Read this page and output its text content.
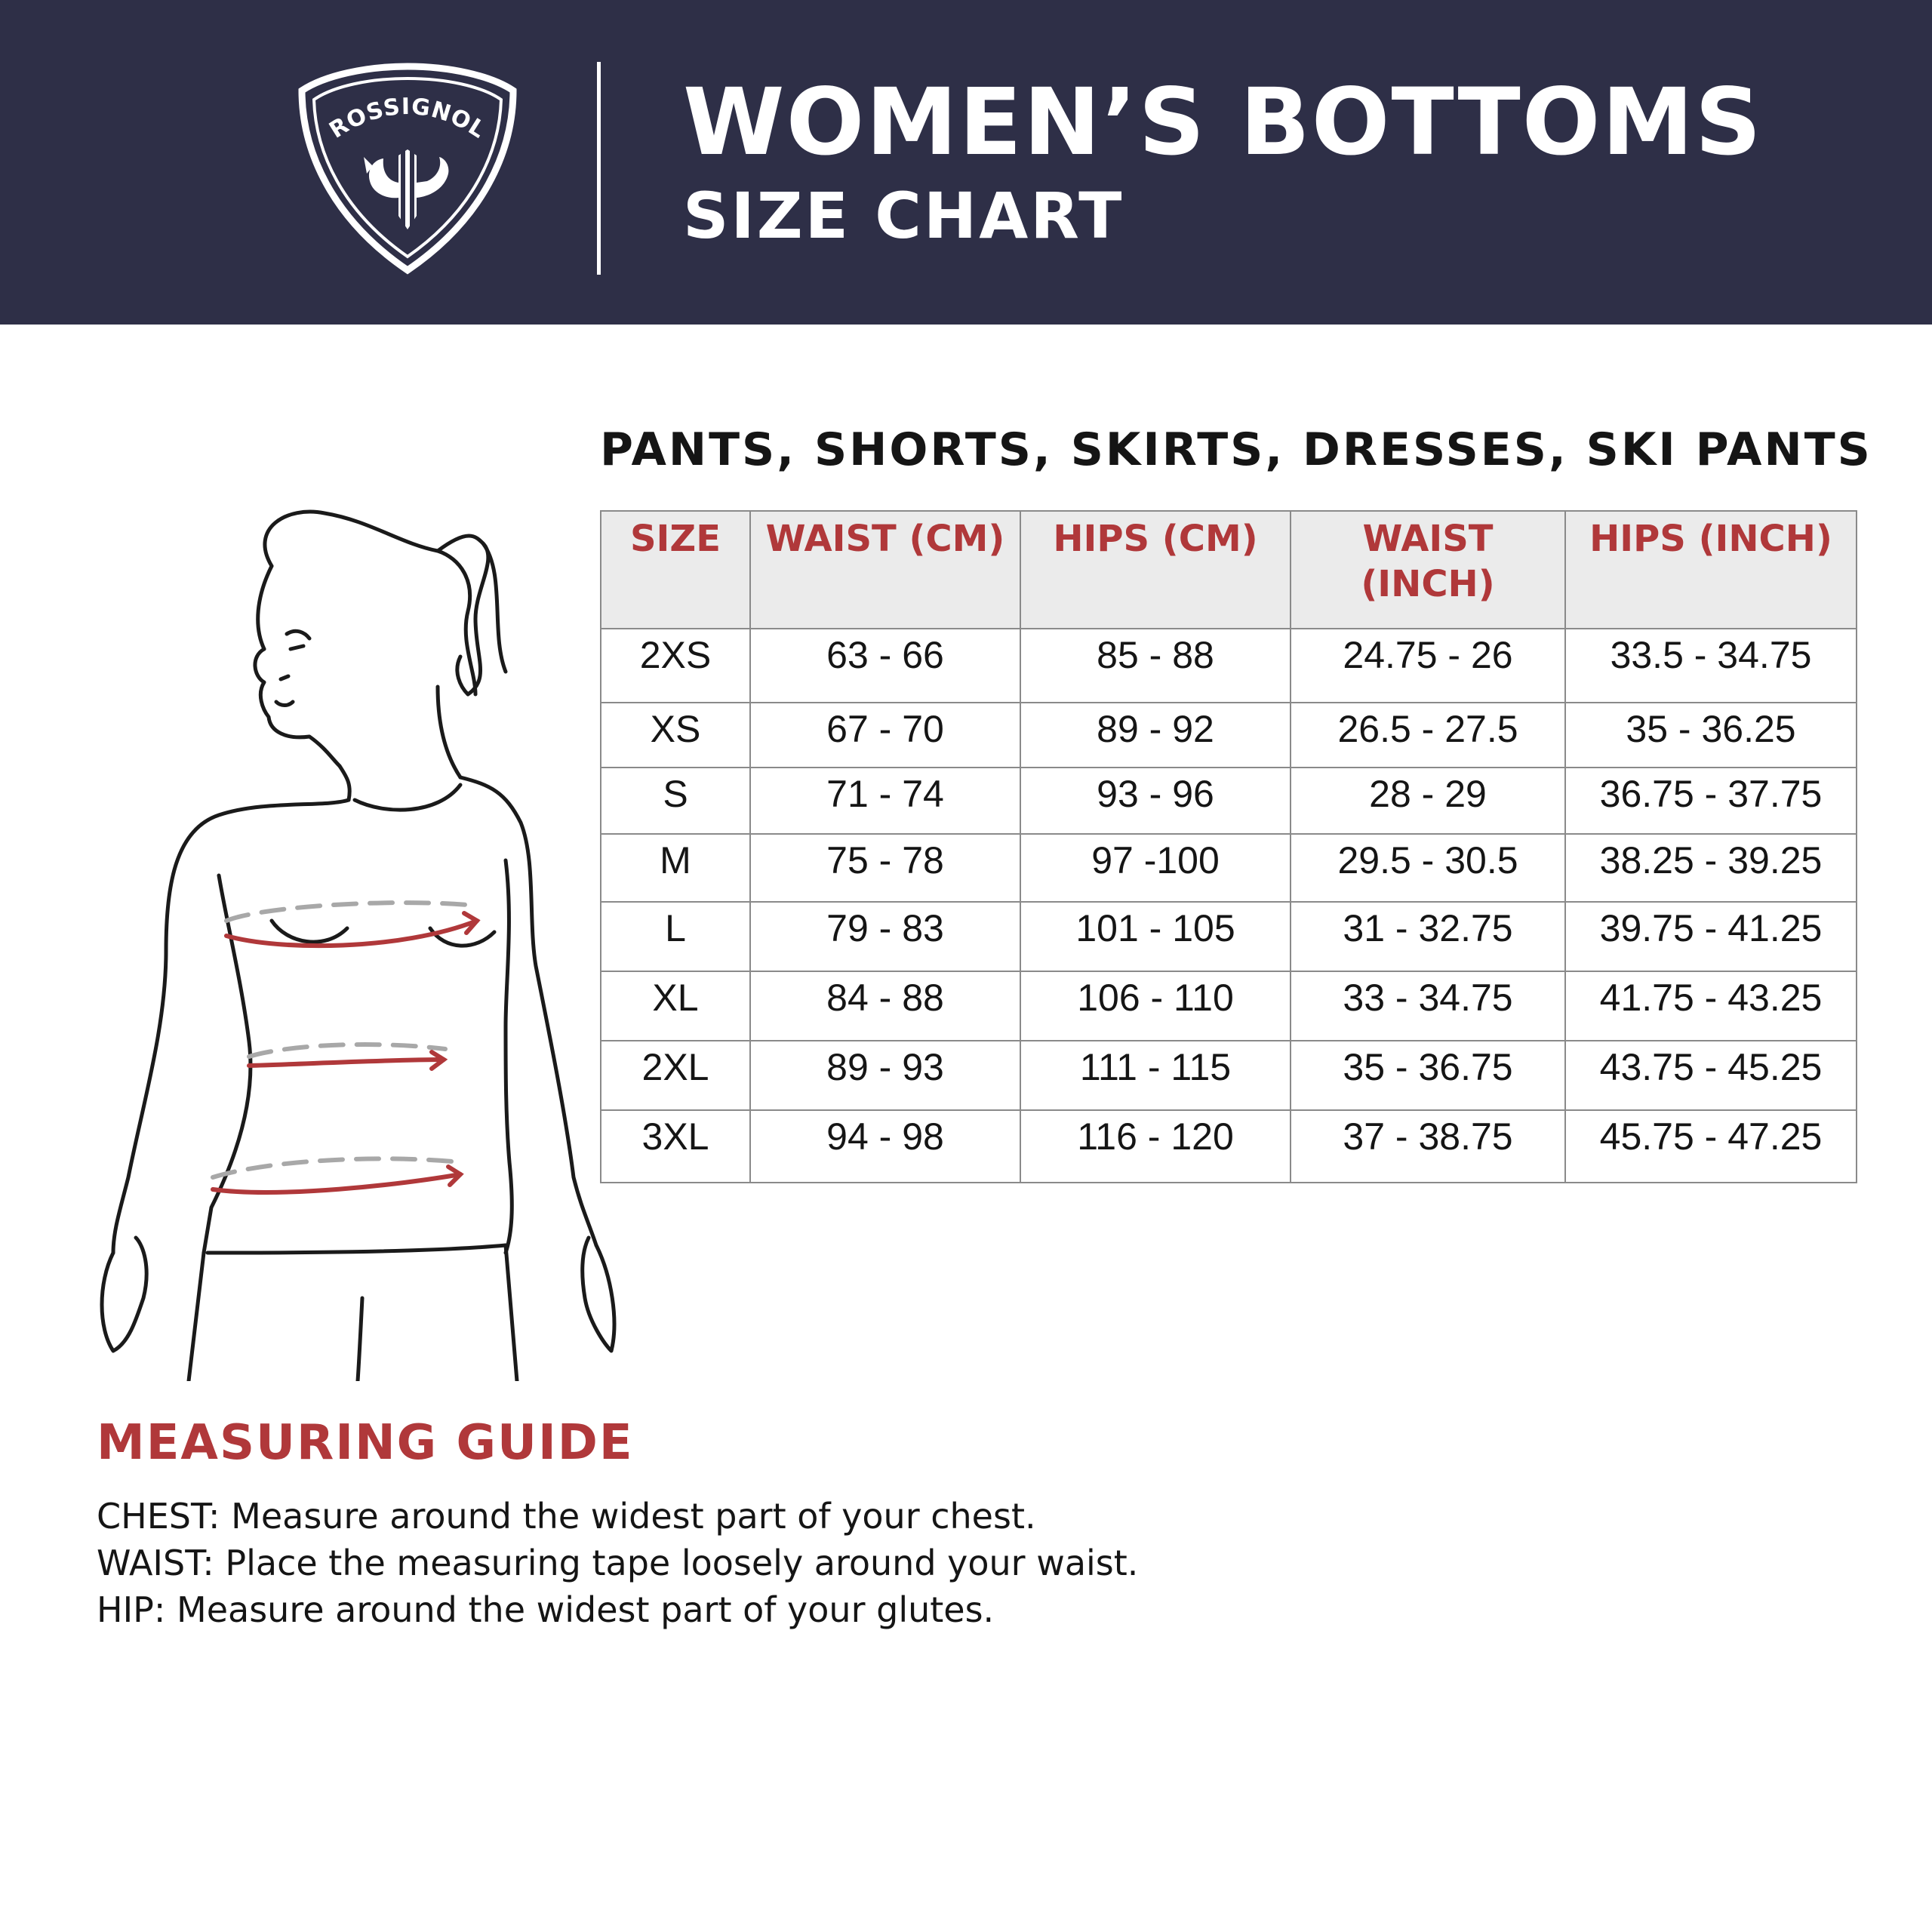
ROSSIGNOL WOMEN’S BOTTOMS
SIZE CHART
PANTS, SHORTS, SKIRTS, DRESSES, SKI PANTS
SIZE	WAIST (CM)	HIPS (CM)	WAIST (INCH)	HIPS (INCH)
2XS	63 - 66	85 - 88	24.75 - 26	33.5 - 34.75
XS	67 - 70	89 - 92	26.5 - 27.5	35 - 36.25
S	71 - 74	93 - 96	28 - 29	36.75 - 37.75
M	75 - 78	97 -100	29.5 - 30.5	38.25 - 39.25
L	79 - 83	101 - 105	31 - 32.75	39.75 - 41.25
XL	84 - 88	106 - 110	33 - 34.75	41.75 - 43.25
2XL	89 - 93	111 - 115	35 - 36.75	43.75 - 45.25
3XL	94 - 98	116 - 120	37 - 38.75	45.75 - 47.25
MEASURING GUIDE
CHEST: Measure around the widest part of your chest.
WAIST: Place the measuring tape loosely around your waist.
HIP: Measure around the widest part of your glutes.
